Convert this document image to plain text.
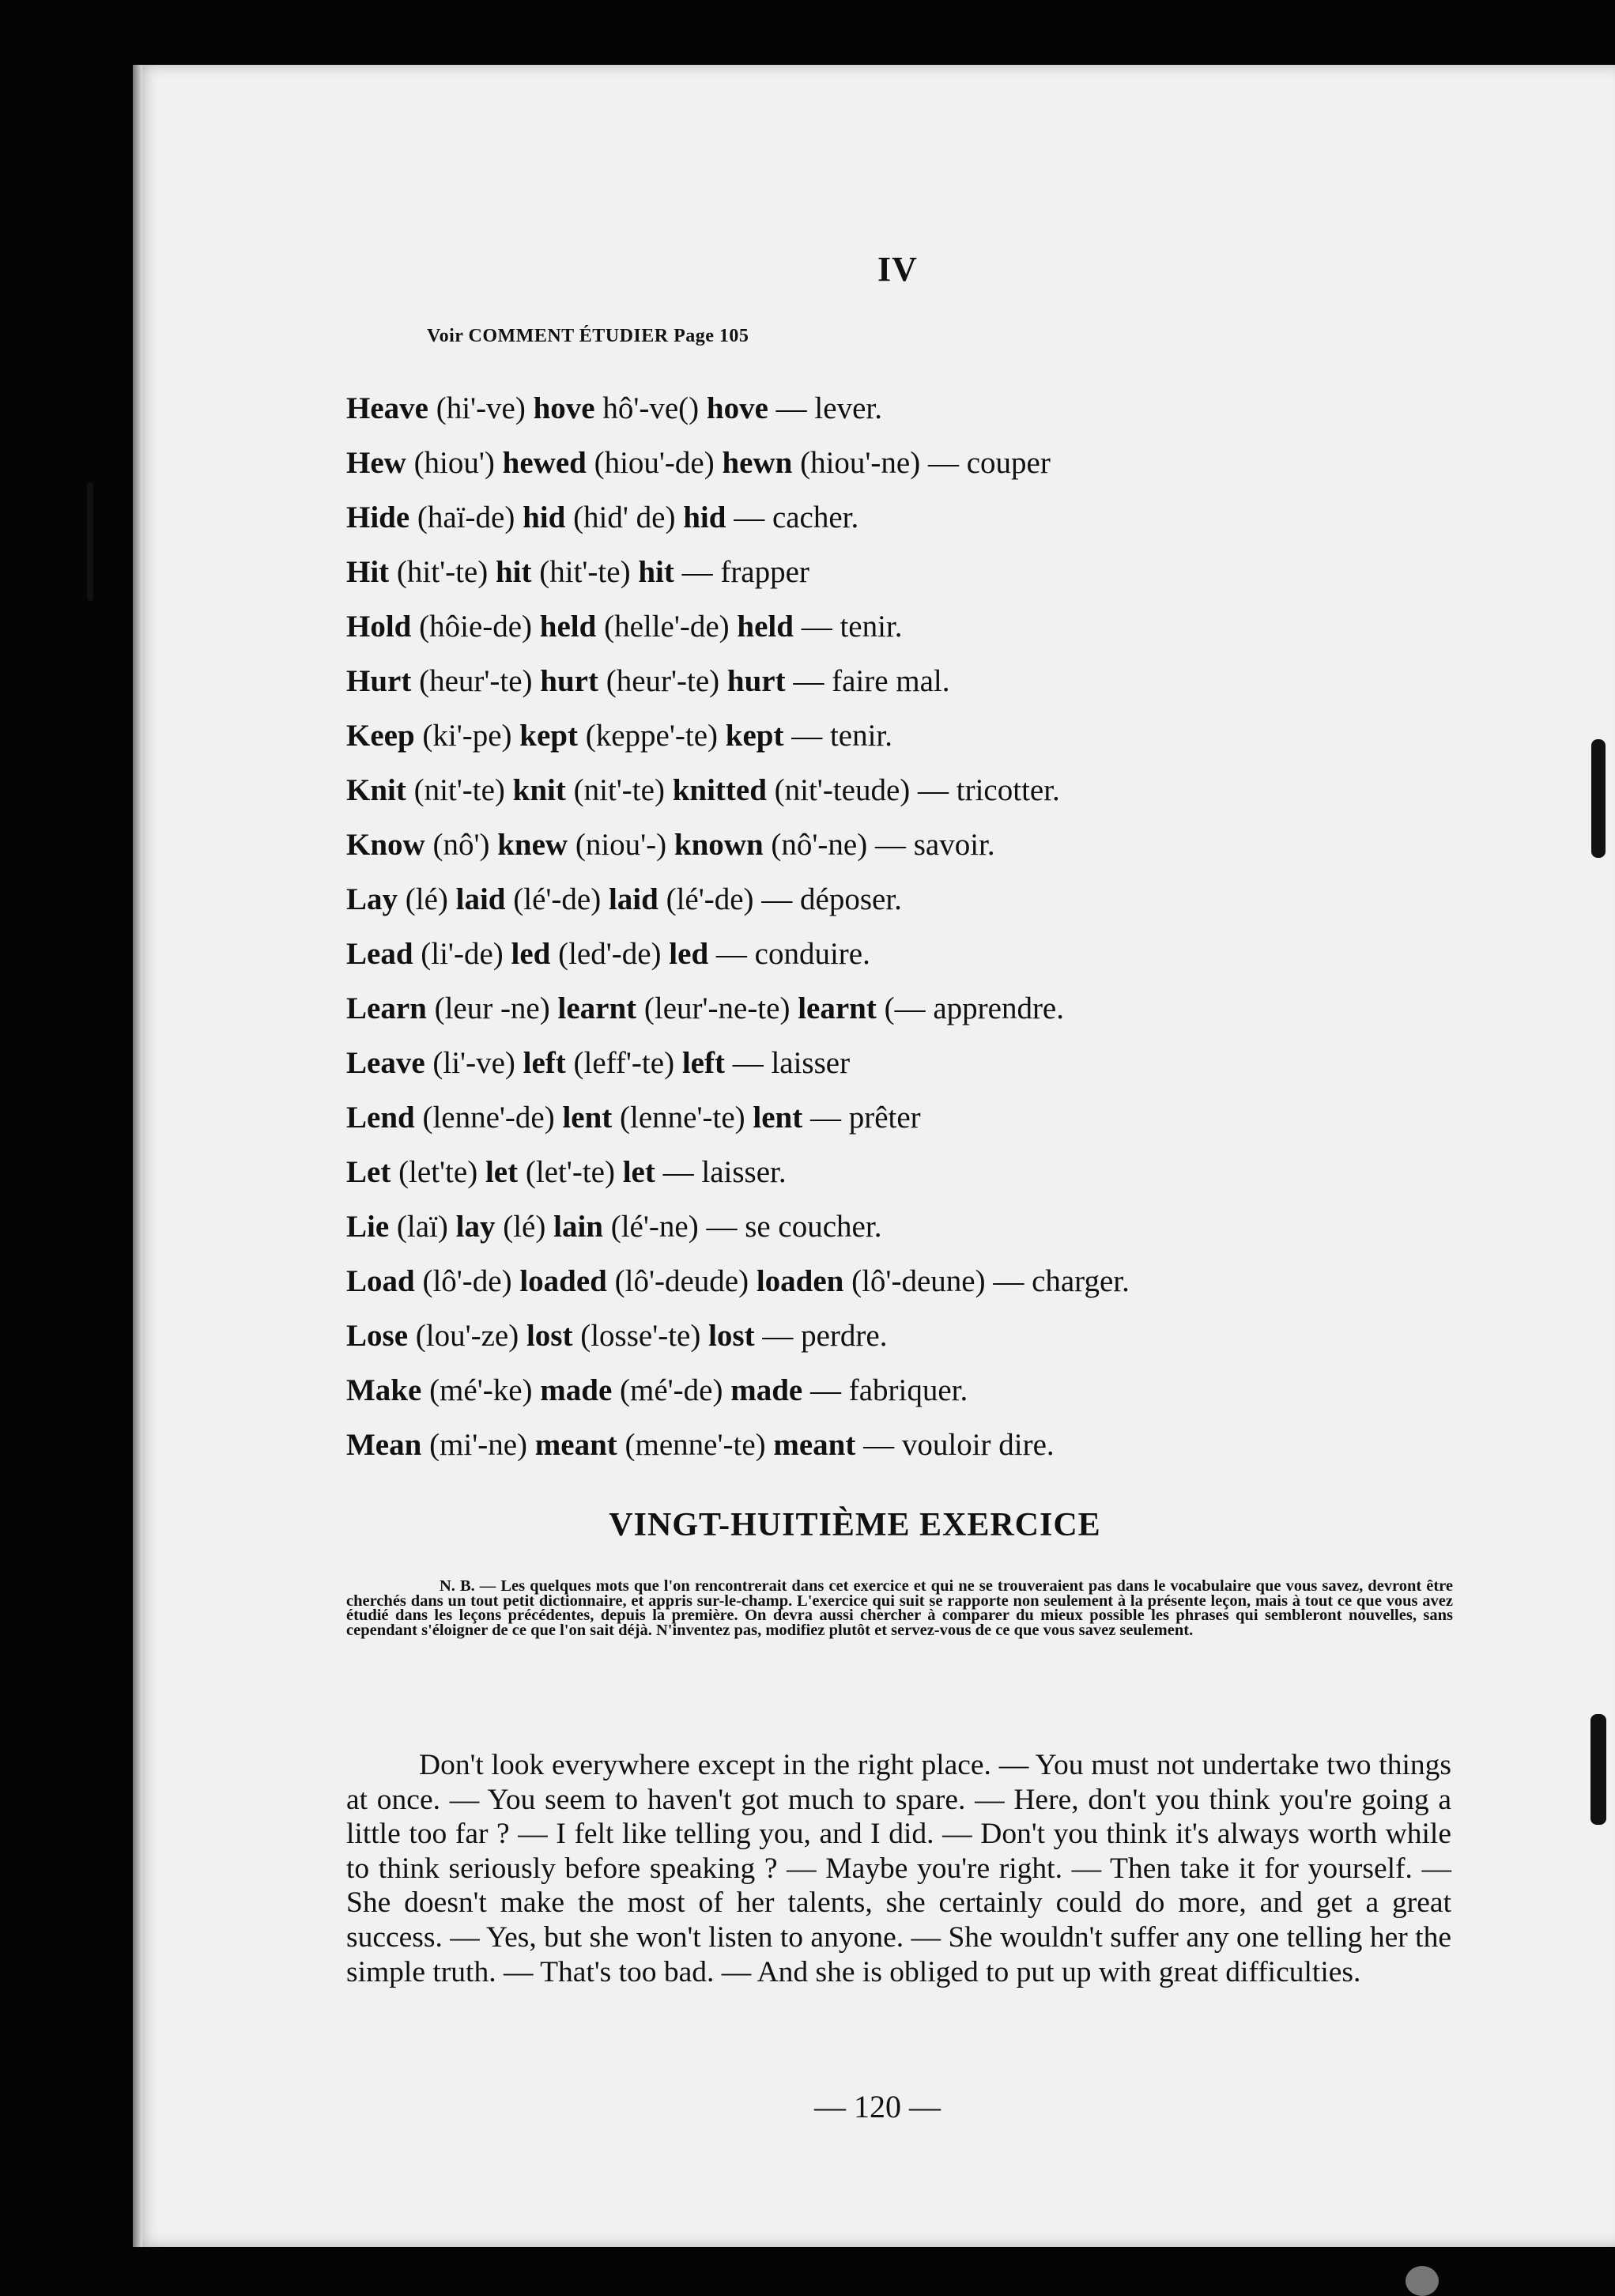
IV
Voir COMMENT ÉTUDIER Page 105
Heave (hi'-ve) hove hô'-ve() hove — lever.
Hew (hiou') hewed (hiou'-de) hewn (hiou'-ne) — couper
Hide (haï-de) hid (hid' de) hid — cacher.
Hit (hit'-te) hit (hit'-te) hit — frapper
Hold (hôie-de) held (helle'-de) held — tenir.
Hurt (heur'-te) hurt (heur'-te) hurt — faire mal.
Keep (ki'-pe) kept (keppe'-te) kept — tenir.
Knit (nit'-te) knit (nit'-te) knitted (nit'-teude) — tricotter.
Know (nô') knew (niou'-) known (nô'-ne) — savoir.
Lay (lé) laid (lé'-de) laid (lé'-de) — déposer.
Lead (li'-de) led (led'-de) led — conduire.
Learn (leur -ne) learnt (leur'-ne-te) learnt (— apprendre.
Leave (li'-ve) left (leff'-te) left — laisser
Lend (lenne'-de) lent (lenne'-te) lent — prêter
Let (let'te) let (let'-te) let — laisser.
Lie (laï) lay (lé) lain (lé'-ne) — se coucher.
Load (lô'-de) loaded (lô'-deude) loaden (lô'-deune) — charger.
Lose (lou'-ze) lost (losse'-te) lost — perdre.
Make (mé'-ke) made (mé'-de) made — fabriquer.
Mean (mi'-ne) meant (menne'-te) meant — vouloir dire.
VINGT-HUITIÈME EXERCICE
N. B. — Les quelques mots que l'on rencontrerait dans cet exercice et qui ne se trouveraient pas dans le vocabulaire que vous savez, devront être cherchés dans un tout petit dictionnaire, et appris sur-le-champ. L'exercice qui suit se rapporte non seulement à la présente leçon, mais à tout ce que vous avez étudié dans les leçons précédentes, depuis la première. On devra aussi chercher à comparer du mieux possible les phrases qui sembleront nouvelles, sans cependant s'éloigner de ce que l'on sait déjà. N'inventez pas, modifiez plutôt et servez-vous de ce que vous savez seulement.
Don't look everywhere except in the right place. — You must not undertake two things at once. — You seem to haven't got much to spare. — Here, don't you think you're going a little too far ? — I felt like telling you, and I did. — Don't you think it's always worth while to think seriously before speaking ? — Maybe you're right. — Then take it for yourself. — She doesn't make the most of her talents, she certainly could do more, and get a great success. — Yes, but she won't listen to anyone. — She wouldn't suffer any one telling her the simple truth. — That's too bad. — And she is obliged to put up with great difficulties.
— 120 —
